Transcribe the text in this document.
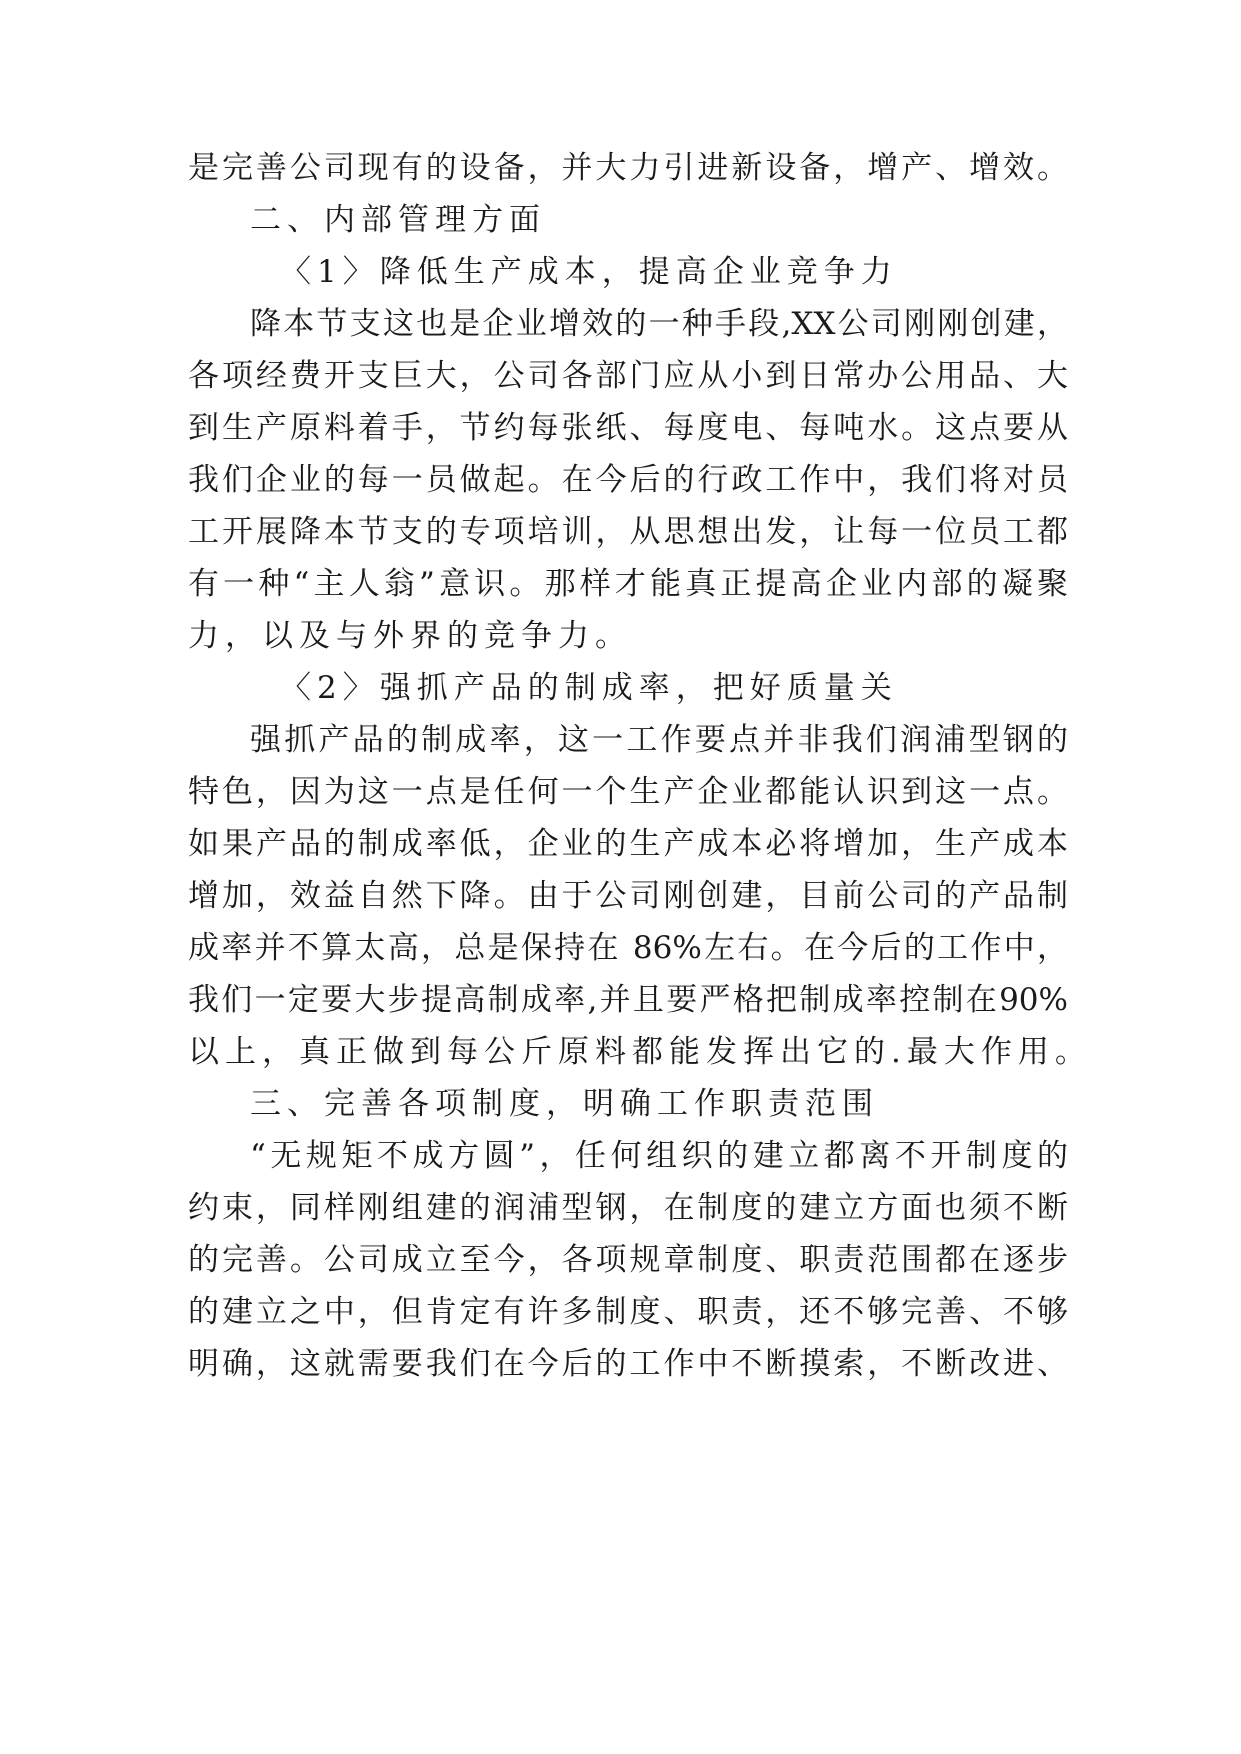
是完善公司现有的设备，并大力引进新设备，增产、增效。
二、内部管理方面
〈1〉降低生产成本，提高企业竞争力
降本节支这也是企业增效的一种手段,XX公司刚刚创建，
各项经费开支巨大，公司各部门应从小到日常办公用品、大
到生产原料着手，节约每张纸、每度电、每吨水。这点要从
我们企业的每一员做起。在今后的行政工作中，我们将对员
工开展降本节支的专项培训，从思想出发，让每一位员工都
有一种“主人翁”意识。那样才能真正提高企业内部的凝聚
力，以及与外界的竞争力。
〈2〉强抓产品的制成率，把好质量关
强抓产品的制成率，这一工作要点并非我们润浦型钢的
特色，因为这一点是任何一个生产企业都能认识到这一点。
如果产品的制成率低，企业的生产成本必将增加，生产成本
增加，效益自然下降。由于公司刚创建，目前公司的产品制
成率并不算太高，总是保持在 86%左右。在今后的工作中，
我们一定要大步提高制成率,并且要严格把制成率控制在90%
以上，真正做到每公斤原料都能发挥出它的.最大作用。
三、完善各项制度，明确工作职责范围
“无规矩不成方圆”，任何组织的建立都离不开制度的
约束，同样刚组建的润浦型钢，在制度的建立方面也须不断
的完善。公司成立至今，各项规章制度、职责范围都在逐步
的建立之中，但肯定有许多制度、职责，还不够完善、不够
明确，这就需要我们在今后的工作中不断摸索，不断改进、
